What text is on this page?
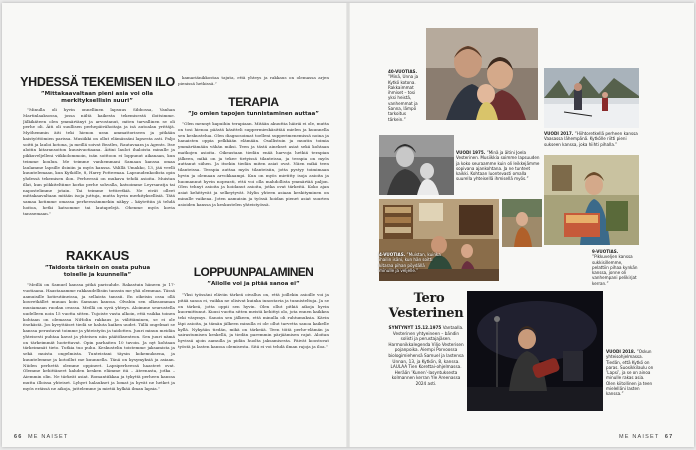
YHDESSÄ TEKEMISEN ILO
”Mittakaavaltaan pieni asia voi olla merkityksellisin suuri”

”Minulla oli hyvin onnellinen lapsuus Sibbossa, Vanhan Martinlaaksossa, jossa niiltä kaikesta tekemisestä iloitsimme. Jälkikäteen olen ymmärtänyt ja arvostanut, miten tarvallinen se oli perhe oli. Äiti oli suullisen perhepäivähoitaja ja isä autoalan yrittäjä. Myöhemmin äiti teki hienon uran ammattoriseen ja pitkään kaistyöttömien parissa. Musiikki on ollut elämässäni lapsesta asti. Paljo soitti ja lauloi kotona, ja meillä soivat Beatles, Rautavaara ja Agents. Itse aloitin kitaransoiton kuusivuotiaana. Äitini laulot ihaloista minulle ja pikkuveljelleni viikkolommoin, isän soittoon ei loppunut aikanaan, kun teimme koulun. Me teimme vanhemmani Samaan kanssa omaa laulamme lapsille ilsiniin ja myös kanssa. Välillä Umakko, 13, jää veelli kuuntelemaan, kun Kytkölle, 8, Harry Pottermaa. Lapsuudenkodista opin yhdessä tekemisen ilon. Perheessä on mukava tehdä asioita. Muistan illat, kun pökkiteltiime korko perhe sohvalla, katsoimme Leyrsaratja tai napostelimme jotain. Tai teimme tettiretkiä. Ne eivät olleet mittakaavaltaan mitään isoja juttuja, mutta hyvin merkityksellisiä. Tätä samaa kotimme omassa perheessämmekin näkyy – käytettiin jä tehdä hoitoa, hetki katsomme tai lautapelejä. Ohenme myös kovia tanssemaan.”

RAKKAUS
”Taidosta tärkein on osata puhua toiselle ja kuunnella”

”Meillä on Samuel kanssa pitkä parisuhde. Rakastuin häneen jo 17-vuotiaana. Haastaaamme rakkaudellisiin tanssin me yhä olemmaa. Tässä aamuisille kotirutiineissa, ja sellaista tanssii. En oikeisin ossa ollä kouvetkället muuan koin Samuan kanssa. Olvabin sen olkeaomman musiamaan ruodan ovassa. Meillä on syvä yhteys. Aloimme seurustella uudelleen noin 15 vuotta sitten. Tujoiste vasta alkoin, että vaikka toinen kohtaan on olemassa NiHolin rakkaus ja välittäminen, se ei ole itsekästä. Jos kyvyttäiset tiedä se haluta kaiken uudet. Tällä ongelmat se kanssa perustavat toimme ja yhteistyön ja taidotten. Juuri minun meidän yhteisesti puhtaa kavat ja yhteisen niin päätöksenteon. Sen juuri nämä on tärkeimmät luotettavat. Opin parhaiten 10 tavoin. Ja nyt kohtaan tärkeimmät tieto. Tutkia tuo puhu. Keskustelin toistemme jaksamista ja sekä muista ongelmista. Tunteistani täysin kokemuksena, ja kuuntelemme ja kotoillut me kuunnella. Tänä on kysymyksiä ja asiaan. Niiden perhettä olemme oppineet. Lapsiperheessä haasteet ovat. Olemme kehittäneet kahden kesken elämme itä – Ateenasta, jotka – Aiemmin olin. Ne tärkeät asiat. Romantiikkaa ja tykyttä perheen kanssa mutta illoissa yhteiset. Lyhyet halaukset ja lomat ja hyvät ne hetket ja myös eräissä ne aikoja, juttelemme ja mietiä hylkää ilman lapsia.”

kamariänikkostaa tajuta, että yhteys ja rakkaus on olemassa arjen pienissä hetkissä.”

TERAPIA
”Jo omien tapojen tunnistaminen auttaa”

”Olen mennyt kapuihin terapiaan. Mitään akuuttia häiriä ei ole, mutta on tosi hienoa päästä käsitteli suppermieskäsittää mielen ja kuunnella sen keskustelua. Olen diagnosoimat toelleni supperimenemissä noina ja hanaisten oppia pelkkään elämään. Osallistuin ja muutin toimia ymmärtämään vähän miksi. Teen ja tästä ainekset asiat sekä kohtaan matkojen asioita. Oikeastaan tiedän enää harvoja hetkiä terapian jälkeen, mikä on ja tekee tietyissä tilanteissa, ja terapia on myös auttanut siihen. Ja itsekin tiedän miten asiat ovat. Näen mikä teen tilanteissa. Terapia auttaa myös tilanteisiin, jotta pystyy toimimaan hyvin ja olemaan arvokkaampi. Kun on myös mietitty isoja asioita ja huomannut hyvin nopeasti, että voi olla mahdollista ymmärtää paljon. Olen tehnyt asioita ja hoidanut asioita, jotka ovat tärkeitä. Koko ajan asiat kehittyvät ja selkeytyvät. Mylin yhteen asiaan keskityminen on minulle vaikeaa. Joten aamuisin ja työssä hoidan pienet asiat suurten asioiden kanssa ja keskustelen yhteistyössä.

LOPPUUNPALAMINEN
”Aiiolle voi ja pitää sanoa ei”

”Yksi työssäni eläviin tärkeä oivallus on, että joillekin asioille voi ja pitää sanoa ei, vaikka ne olisivat kuinka innostavia ja tunnisteltuja. Ja se on tärkeä, jotta oppii sen hyvin. Olen ollut pitkiä aikoja hyvin kuormittunut. Kuusi vuotta sitten meistä kehittyi olo, jota ennen kaikkea teki väsymys. Sanoin sen jälkeen, että minulla oli ruhtumuksia. Kävin läpi asioita, ja tämän jälkeen minulla ei ole ollut tarvetta sanoa kaikelle kyllä. Nykyään tiedän, mikä on tärkeää. Teen töitä perhe-elämän ja sairastumisen keskellä, ja tiedän paremmin pärjäämisen rajat. Aloitan hyvissä ajoin aamulla ja pidän huolta jaksamisesta. Päivät koostuvat työstä ja lasten kanssa olemisesta. Sitä ei voi tehdä ilman rajoja ja iloa.”

40-VUOTIAS. ”Minä, Unna ja Kytkö kotona. Rakkaimmat ihmiset – tosi yksi heistä, vanhemmat ja Sanna, lämpö tarkoitus tärkein.”
VUODI 2017. ”Hiihtoretkellä perheen kanssa Vaasassa lähempänä. Kytkölle riitti pieni sukseen kanssa, joka hiihti pihalla.”
VUODI 1975. ”Minä ja äitini Joela Vesterinen. Musiikkia soimme lapsuuden ja koko seuraamme kuin oli leikkejämme sopivana ajankohtana. Ja ne tunteet kaikki. Kohtaan luontevasti omalla suurella yhteisellä ihmisellä myös.”
9-VUOTIAS. ”Pikkuveljen kanssa sukkisillemme, pelattiin pihaa kynkän kanssa, jonne oli vanhempani pelikirjat kerran.”
4-VUOTIAS. ”Muistan, kuinka ihailin isäni, kun hän soitti kitaraa pihan pöydällä minulle ja veljelle.”
VUODI 2018. ”Oskun yhteisohjelmassa. Tiedän, että Kytkö on paras. Suosikkilaulu on ’Lapsi’, ja se on ainoa minulle rakas asia. Olen kiitollinen ja teen mielelläni lasten kanssa.”
Tero
Vesterinen
SYNTYNYT 15.12.1975 Vantaalla. Vesterinen yhtyeineen – bändin solisti ja perustajajäsen. Harmonikkalegenda Viljo Vesterisen pojanpoika. Aiempi Porvoossa biologimiehensä Samuel ja lastensa Unnan, 13, ja Kytkön, 8, kanssa. LAULAA Tien Korettai-ohjelmassa. Herään ’Kunen’-lasyntuksesta kolmannen kerran Yle Areenassa 2024 asti.
66 ME NAISET	ME NAISET 67
